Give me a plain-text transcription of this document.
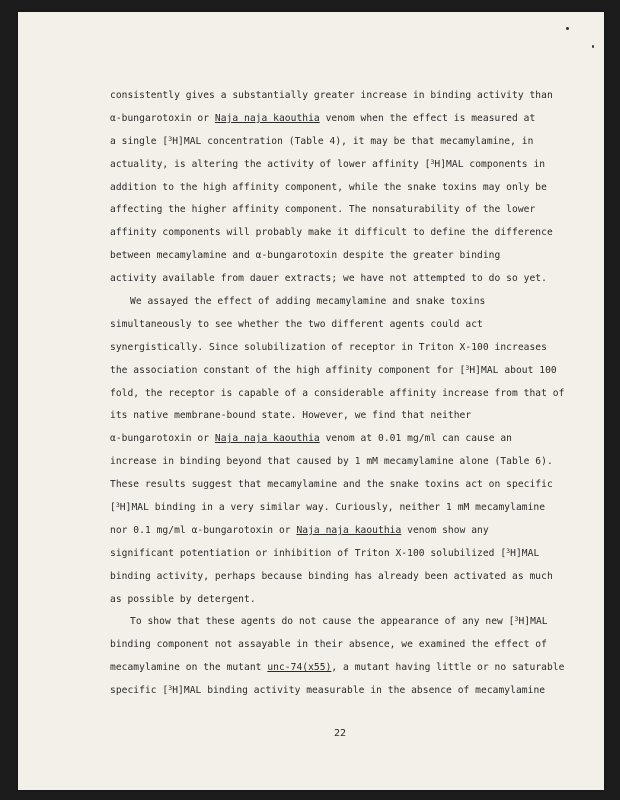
consistently gives a substantially greater increase in binding activity than
α-bungarotoxin or Naja naja kaouthia venom when the effect is measured at
a single [$^3$H]MAL concentration (Table 4), it may be that mecamylamine, in
actuality, is altering the activity of lower affinity [$^3$H]MAL components in
addition to the high affinity component, while the snake toxins may only be
affecting the higher affinity component. The nonsaturability of the lower
affinity components will probably make it difficult to define the difference
between mecamylamine and α-bungarotoxin despite the greater binding
activity available from dauer extracts; we have not attempted to do so yet.
We assayed the effect of adding mecamylamine and snake toxins
simultaneously to see whether the two different agents could act
synergistically. Since solubilization of receptor in Triton X-100 increases
the association constant of the high affinity component for [$^3$H]MAL about 100
fold, the receptor is capable of a considerable affinity increase from that of
its native membrane-bound state. However, we find that neither
α-bungarotoxin or Naja naja kaouthia venom at 0.01 mg/ml can cause an
increase in binding beyond that caused by 1 mM mecamylamine alone (Table 6).
These results suggest that mecamylamine and the snake toxins act on specific
[$^3$H]MAL binding in a very similar way. Curiously, neither 1 mM mecamylamine
nor 0.1 mg/ml α-bungarotoxin or Naja naja kaouthia venom show any
significant potentiation or inhibition of Triton X-100 solubilized [$^3$H]MAL
binding activity, perhaps because binding has already been activated as much
as possible by detergent.
To show that these agents do not cause the appearance of any new [$^3$H]MAL
binding component not assayable in their absence, we examined the effect of
mecamylamine on the mutant unc-74(x55), a mutant having little or no saturable
specific [$^3$H]MAL binding activity measurable in the absence of mecamylamine
22
